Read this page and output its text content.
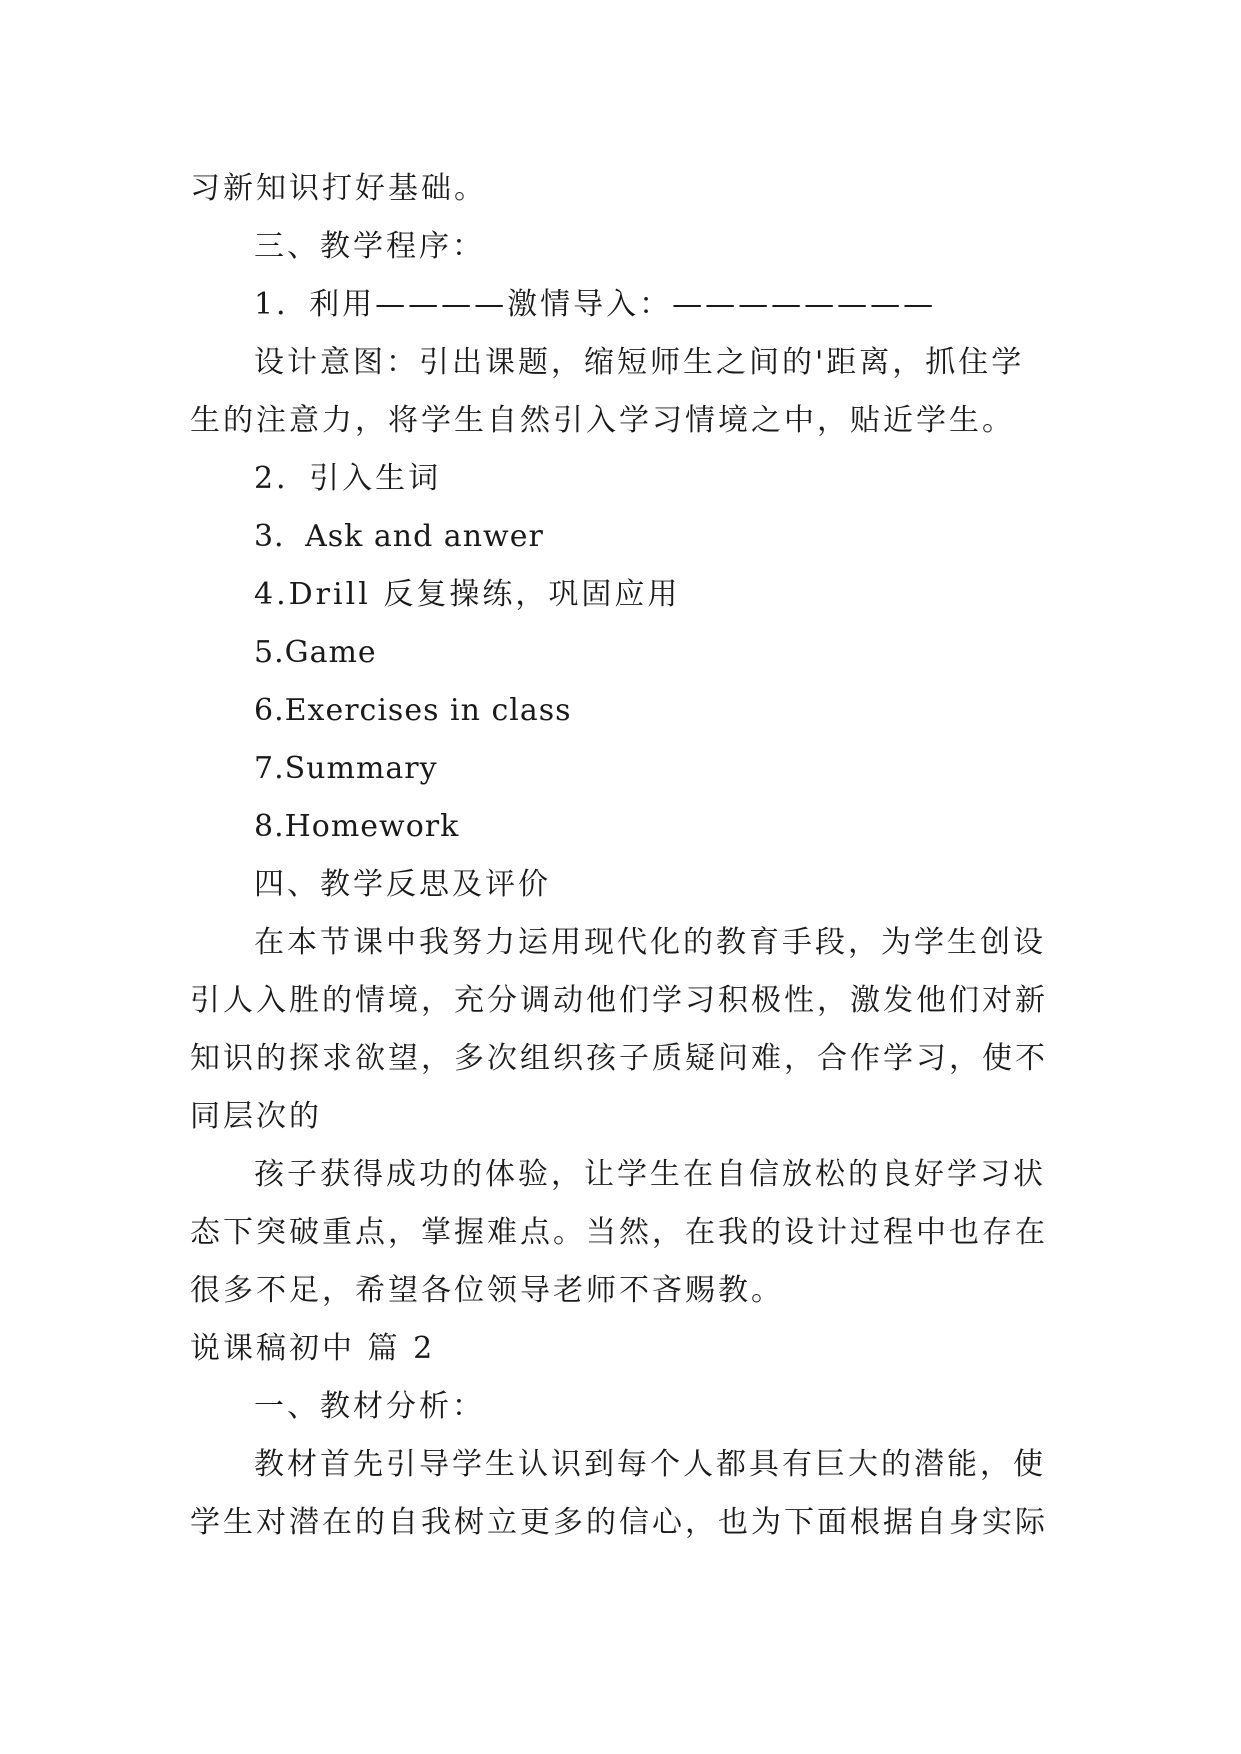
习新知识打好基础。
三、教学程序：
1．利用————激情导入：————————
设计意图：引出课题，缩短师生之间的'距离，抓住学
生的注意力，将学生自然引入学习情境之中，贴近学生。
2．引入生词
3．Ask and anwer
4.Drill 反复操练，巩固应用
5.Game
6.Exercises in class
7.Summary
8.Homework
四、教学反思及评价
在本节课中我努力运用现代化的教育手段，为学生创设
引人入胜的情境，充分调动他们学习积极性，激发他们对新
知识的探求欲望，多次组织孩子质疑问难，合作学习，使不
同层次的
孩子获得成功的体验，让学生在自信放松的良好学习状
态下突破重点，掌握难点。当然，在我的设计过程中也存在
很多不足，希望各位领导老师不吝赐教。
说课稿初中 篇 2
一、教材分析：
教材首先引导学生认识到每个人都具有巨大的潜能，使
学生对潜在的自我树立更多的信心，也为下面根据自身实际
